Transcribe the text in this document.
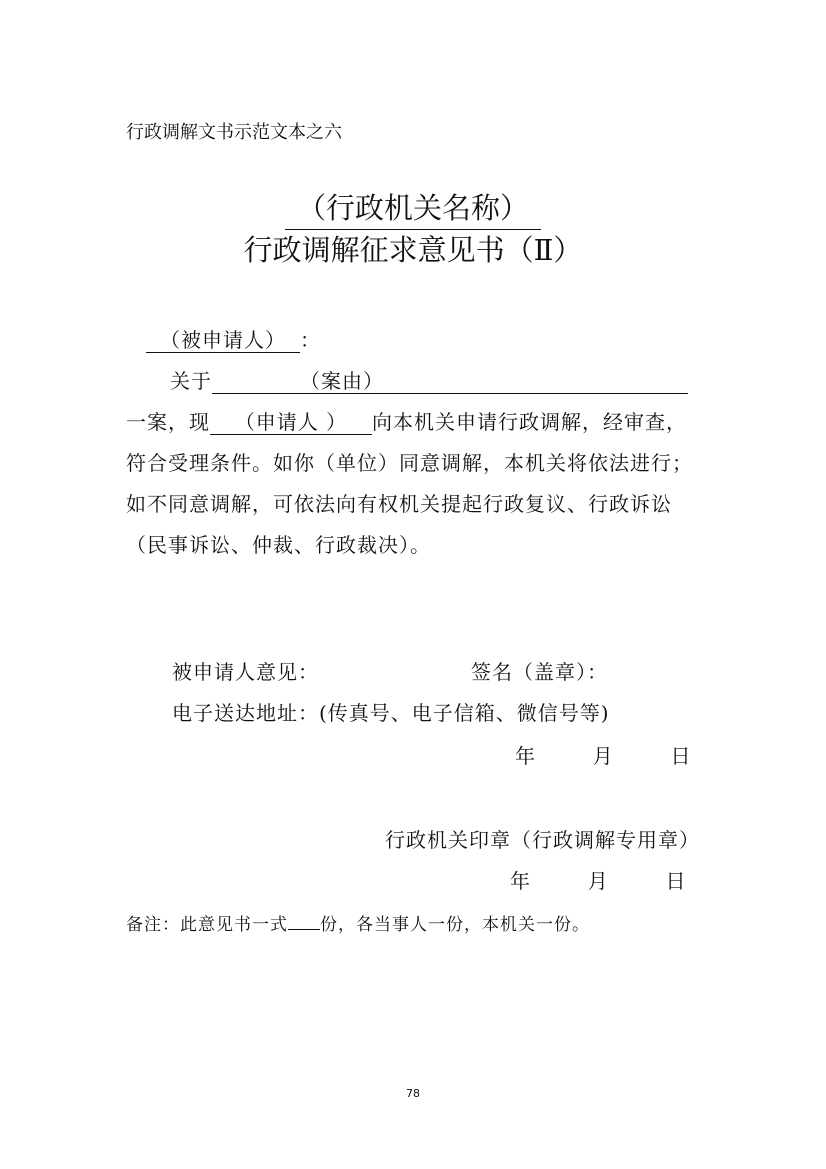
行政调解文书示范文本之六
（行政机关名称）
行政调解征求意见书（Ⅱ）
（被申请人） ：
关于	（案由）
一案，现 （申请人 ） 向本机关申请行政调解，经审查，
符合受理条件。如你（单位）同意调解，本机关将依法进行；
如不同意调解，可依法向有权机关提起行政复议、行政诉讼
（民事诉讼、仲裁、行政裁决）。
被申请人意见：	签名（盖章）：
电子送达地址：(传真号、电子信箱、微信号等)
年	月	日
行政机关印章（行政调解专用章）
年	月	日
备注：此意见书一式 份，各当事人一份，本机关一份。
78
